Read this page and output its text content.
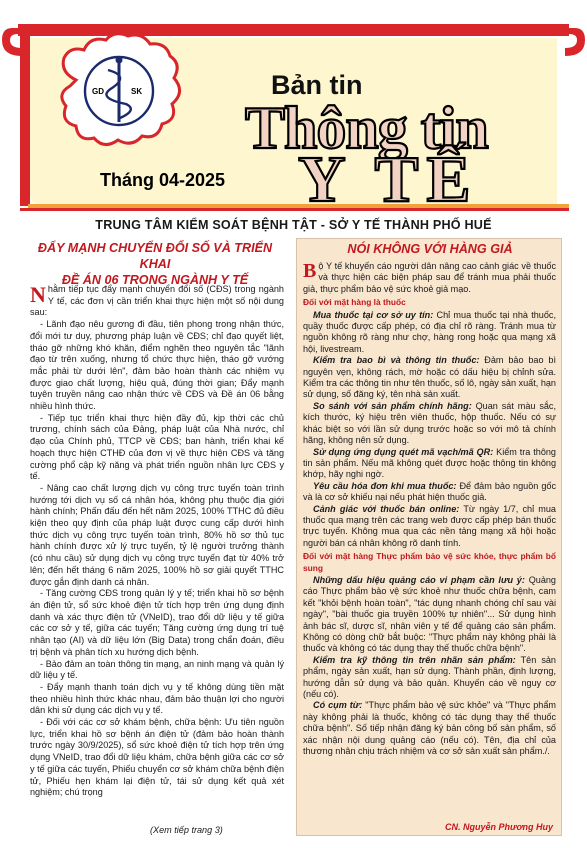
GD	SK	Bản tin
Thông tin
Y TẾ
Tháng 04-2025
TRUNG TÂM KIỂM SOÁT BỆNH TẬT - SỞ Y TẾ THÀNH PHỐ HUẾ
ĐẨY MẠNH CHUYỂN ĐỔI SỐ VÀ TRIỂN KHAI
ĐỀ ÁN 06 TRONG NGÀNH Y TẾ

Nhằm tiếp tục đẩy mạnh chuyển đổi số (CĐS) trong ngành Y tế, các đơn vị cần triển khai thực hiện một số nội dung sau:

- Lãnh đạo nêu gương đi đầu, tiên phong trong nhận thức, đổi mới tư duy, phương pháp luận về CĐS; chỉ đạo quyết liệt, tháo gỡ những khó khăn, điểm nghẽn theo nguyên tắc "lãnh đạo từ trên xuống, nhưng tổ chức thực hiện, tháo gỡ vướng mắc phải từ dưới lên", đảm bảo hoàn thành các nhiệm vụ được giao chất lượng, hiệu quả, đúng thời gian; Đẩy mạnh tuyên truyền nâng cao nhận thức về CĐS và Đề án 06 bằng nhiều hình thức.

- Tiếp tục triển khai thực hiện đầy đủ, kịp thời các chủ trương, chính sách của Đảng, pháp luật của Nhà nước, chỉ đạo của Chính phủ, TTCP về CĐS; ban hành, triển khai kế hoạch thực hiện CTHĐ của đơn vị về thực hiện CĐS và tăng cường phổ cập kỹ năng và phát triển nguồn nhân lực CĐS y tế.

- Nâng cao chất lượng dịch vụ công trực tuyến toàn trình hướng tới dịch vụ số cá nhân hóa, không phụ thuộc địa giới hành chính; Phấn đấu đến hết năm 2025, 100% TTHC đủ điều kiện theo quy định của pháp luật được cung cấp dưới hình thức dịch vụ công trực tuyến toàn trình, 80% hồ sơ thủ tục hành chính được xử lý trực tuyến, tỷ lệ người trưởng thành (có nhu cầu) sử dụng dịch vụ công trực tuyến đạt từ 40% trở lên; đến hết tháng 6 năm 2025, 100% hồ sơ giải quyết TTHC được gắn định danh cá nhân.

- Tăng cường CĐS trong quản lý y tế; triển khai hồ sơ bệnh án điện tử, sổ sức khoẻ điện tử tích hợp trên ứng dụng định danh và xác thực điện tử (VNeID), trao đổi dữ liệu y tế giữa các cơ sở y tế, giữa các tuyến; Tăng cường ứng dụng trí tuệ nhân tạo (AI) và dữ liệu lớn (Big Data) trong chẩn đoán, điều trị bệnh và phân tích xu hướng dịch bệnh.

- Bảo đảm an toàn thông tin mạng, an ninh mạng và quản lý dữ liệu y tế.

- Đẩy mạnh thanh toán dịch vụ y tế không dùng tiền mặt theo nhiều hình thức khác nhau, đảm bảo thuận lợi cho người dân khi sử dụng các dịch vụ y tế.

- Đối với các cơ sở khám bệnh, chữa bệnh: Ưu tiên nguồn lực, triển khai hồ sơ bệnh án điện tử (đảm bảo hoàn thành trước ngày 30/9/2025), sổ sức khoẻ điện tử tích hợp trên ứng dụng VNeID, trao đổi dữ liệu khám, chữa bệnh giữa các cơ sở y tế giữa các tuyến, Phiếu chuyển cơ sở khám chữa bệnh điện tử, Phiếu hẹn khám lại điện tử, tái sử dụng kết quả xét nghiệm; chú trọng

(Xem tiếp trang 3)
NÓI KHÔNG VỚI HÀNG GIẢ

Bộ Y tế khuyến cáo người dân nâng cao cảnh giác về thuốc và thực hiện các biện pháp sau để tránh mua phải thuốc giả, thực phẩm bảo vệ sức khoẻ giả mạo.

Đối với mặt hàng là thuốc

Mua thuốc tại cơ sở uy tín: Chỉ mua thuốc tại nhà thuốc, quầy thuốc được cấp phép, có địa chỉ rõ ràng. Tránh mua từ nguồn không rõ ràng như chợ, hàng rong hoặc qua mạng xã hội, livestream.

Kiểm tra bao bì và thông tin thuốc: Đảm bảo bao bì nguyên vẹn, không rách, mờ hoặc có dấu hiệu bị chỉnh sửa. Kiểm tra các thông tin như tên thuốc, số lô, ngày sản xuất, hạn sử dụng, số đăng ký, tên nhà sản xuất.

So sánh với sản phẩm chính hãng: Quan sát màu sắc, kích thước, ký hiệu trên viên thuốc, hộp thuốc. Nếu có sự khác biệt so với lần sử dụng trước hoặc so với mô tả chính hãng, không nên sử dụng.

Sử dụng ứng dụng quét mã vạch/mã QR: Kiểm tra thông tin sản phẩm. Nếu mã không quét được hoặc thông tin không khớp, hãy nghi ngờ.

Yêu cầu hóa đơn khi mua thuốc: Để đảm bảo nguồn gốc và là cơ sở khiếu nại nếu phát hiện thuốc giả.

Cảnh giác với thuốc bán online: Từ ngày 1/7, chỉ mua thuốc qua mạng trên các trang web được cấp phép bán thuốc trực tuyến. Không mua qua các nền tảng mạng xã hội hoặc người bán cá nhân không rõ danh tính.

Đối với mặt hàng Thực phẩm bảo vệ sức khỏe, thực phẩm bổ sung

Những dấu hiệu quảng cáo vi phạm cần lưu ý: Quảng cáo Thực phẩm bảo vệ sức khoẻ như thuốc chữa bệnh, cam kết "khỏi bệnh hoàn toàn", "tác dụng nhanh chóng chỉ sau vài ngày", "bài thuốc gia truyền 100% tự nhiên"... Sử dụng hình ảnh bác sĩ, dược sĩ, nhân viên y tế để quảng cáo sản phẩm. Không có dòng chữ bắt buộc: "Thực phẩm này không phải là thuốc và không có tác dụng thay thế thuốc chữa bệnh".

Kiểm tra kỹ thông tin trên nhãn sản phẩm: Tên sản phẩm, ngày sản xuất, hạn sử dụng. Thành phần, định lượng, hướng dẫn sử dụng và bảo quản. Khuyến cáo về nguy cơ (nếu có).

Có cụm từ: "Thực phẩm bảo vệ sức khỏe" và "Thực phẩm này không phải là thuốc, không có tác dụng thay thế thuốc chữa bệnh". Số tiếp nhận đăng ký bản công bố sản phẩm, số xác nhận nội dung quảng cáo (nếu có). Tên, địa chỉ của thương nhân chịu trách nhiệm và cơ sở sản xuất sản phẩm./.

CN. Nguyễn Phương Huy
